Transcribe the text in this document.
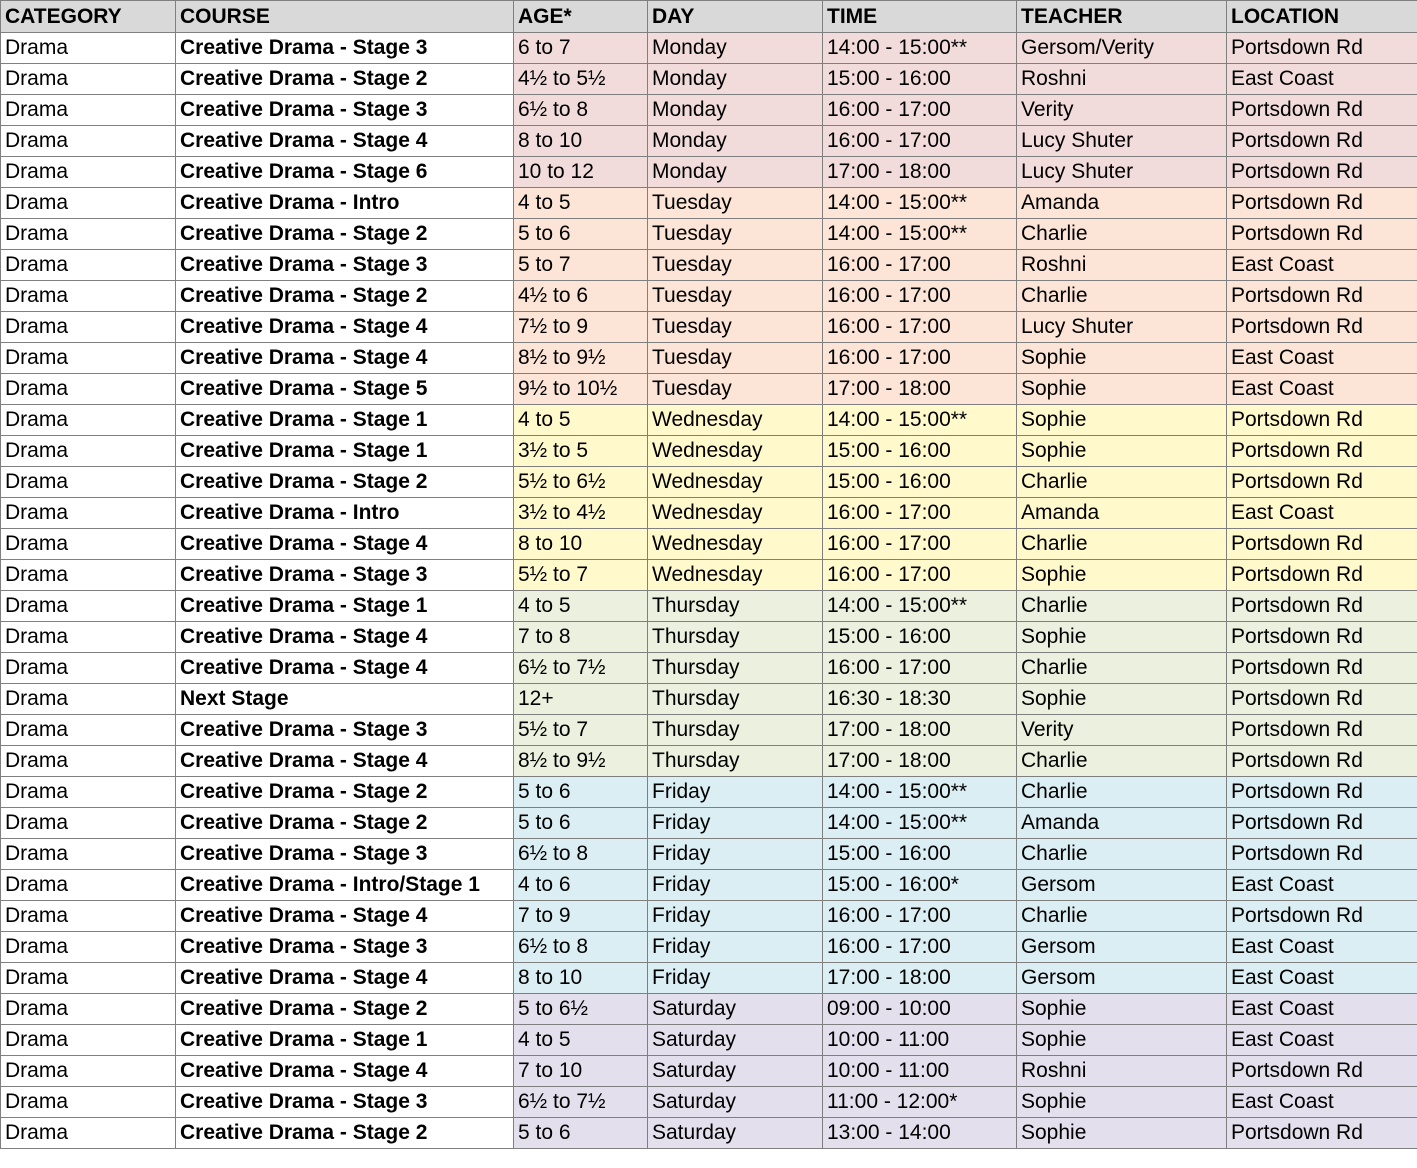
CATEGORY	COURSE	AGE*	DAY	TIME	TEACHER	LOCATION
Drama	Creative Drama - Stage 3	6 to 7	Monday	14:00 - 15:00**	Gersom/Verity	Portsdown Rd
Drama	Creative Drama - Stage 2	4½ to 5½	Monday	15:00 - 16:00	Roshni	East Coast
Drama	Creative Drama - Stage 3	6½ to 8	Monday	16:00 - 17:00	Verity	Portsdown Rd
Drama	Creative Drama - Stage 4	8 to 10	Monday	16:00 - 17:00	Lucy Shuter	Portsdown Rd
Drama	Creative Drama - Stage 6	10 to 12	Monday	17:00 - 18:00	Lucy Shuter	Portsdown Rd
Drama	Creative Drama - Intro	4 to 5	Tuesday	14:00 - 15:00**	Amanda	Portsdown Rd
Drama	Creative Drama - Stage 2	5 to 6	Tuesday	14:00 - 15:00**	Charlie	Portsdown Rd
Drama	Creative Drama - Stage 3	5 to 7	Tuesday	16:00 - 17:00	Roshni	East Coast
Drama	Creative Drama - Stage 2	4½ to 6	Tuesday	16:00 - 17:00	Charlie	Portsdown Rd
Drama	Creative Drama - Stage 4	7½ to 9	Tuesday	16:00 - 17:00	Lucy Shuter	Portsdown Rd
Drama	Creative Drama - Stage 4	8½ to 9½	Tuesday	16:00 - 17:00	Sophie	East Coast
Drama	Creative Drama - Stage 5	9½ to 10½	Tuesday	17:00 - 18:00	Sophie	East Coast
Drama	Creative Drama - Stage 1	4 to 5	Wednesday	14:00 - 15:00**	Sophie	Portsdown Rd
Drama	Creative Drama - Stage 1	3½ to 5	Wednesday	15:00 - 16:00	Sophie	Portsdown Rd
Drama	Creative Drama - Stage 2	5½ to 6½	Wednesday	15:00 - 16:00	Charlie	Portsdown Rd
Drama	Creative Drama - Intro	3½ to 4½	Wednesday	16:00 - 17:00	Amanda	East Coast
Drama	Creative Drama - Stage 4	8 to 10	Wednesday	16:00 - 17:00	Charlie	Portsdown Rd
Drama	Creative Drama - Stage 3	5½ to 7	Wednesday	16:00 - 17:00	Sophie	Portsdown Rd
Drama	Creative Drama - Stage 1	4 to 5	Thursday	14:00 - 15:00**	Charlie	Portsdown Rd
Drama	Creative Drama - Stage 4	7 to 8	Thursday	15:00 - 16:00	Sophie	Portsdown Rd
Drama	Creative Drama - Stage 4	6½ to 7½	Thursday	16:00 - 17:00	Charlie	Portsdown Rd
Drama	Next Stage	12+	Thursday	16:30 - 18:30	Sophie	Portsdown Rd
Drama	Creative Drama - Stage 3	5½ to 7	Thursday	17:00 - 18:00	Verity	Portsdown Rd
Drama	Creative Drama - Stage 4	8½ to 9½	Thursday	17:00 - 18:00	Charlie	Portsdown Rd
Drama	Creative Drama - Stage 2	5 to 6	Friday	14:00 - 15:00**	Charlie	Portsdown Rd
Drama	Creative Drama - Stage 2	5 to 6	Friday	14:00 - 15:00**	Amanda	Portsdown Rd
Drama	Creative Drama - Stage 3	6½ to 8	Friday	15:00 - 16:00	Charlie	Portsdown Rd
Drama	Creative Drama - Intro/Stage 1	4 to 6	Friday	15:00 - 16:00*	Gersom	East Coast
Drama	Creative Drama - Stage 4	7 to 9	Friday	16:00 - 17:00	Charlie	Portsdown Rd
Drama	Creative Drama - Stage 3	6½ to 8	Friday	16:00 - 17:00	Gersom	East Coast
Drama	Creative Drama - Stage 4	8 to 10	Friday	17:00 - 18:00	Gersom	East Coast
Drama	Creative Drama - Stage 2	5 to 6½	Saturday	09:00 - 10:00	Sophie	East Coast
Drama	Creative Drama - Stage 1	4 to 5	Saturday	10:00 - 11:00	Sophie	East Coast
Drama	Creative Drama - Stage 4	7 to 10	Saturday	10:00 - 11:00	Roshni	Portsdown Rd
Drama	Creative Drama - Stage 3	6½ to 7½	Saturday	11:00 - 12:00*	Sophie	East Coast
Drama	Creative Drama - Stage 2	5 to 6	Saturday	13:00 - 14:00	Sophie	Portsdown Rd
